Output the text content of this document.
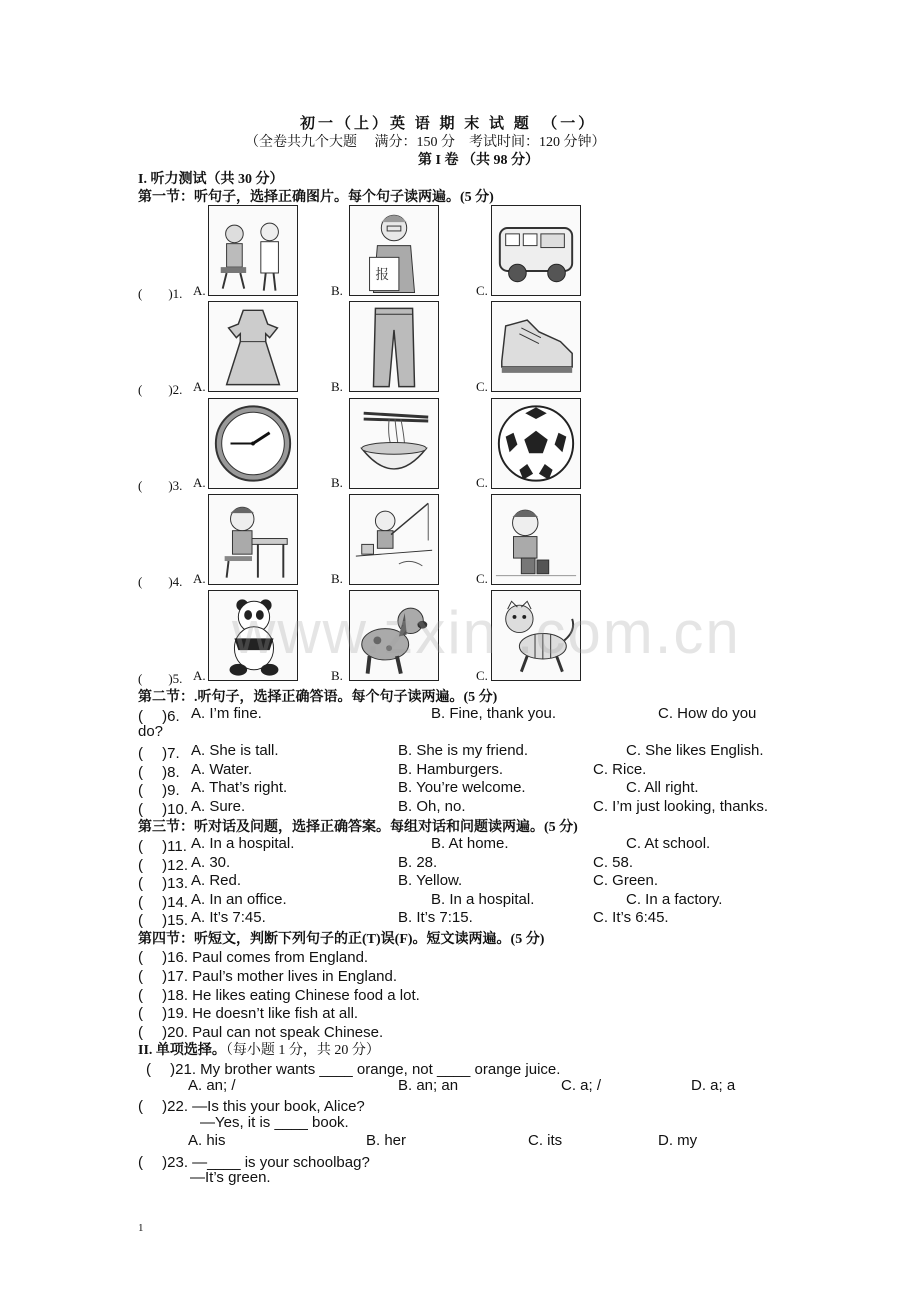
初一（上）英 语 期 末 试 题　（一）
（全卷共九个大题　 满分：150 分　考试时间：120 分钟）
第 I 卷 （共 98 分）
I. 听力测试（共 30 分）
第一节：听句子，选择正确图片。每个句子读两遍。(5 分)
(　　)1. A.	B.	C.
报
(　　)2. A.	B.	C.
(　　)3. A.	B.	C.
(　　)4. A.	B.	C.
(　　)5. A.	B.	C.
www.zxin .com.cn
第二节：.听句子，选择正确答语。每个句子读两遍。(5 分)
(　 )6. A. I’m fine.	B. Fine, thank you.	C. How do you
do?
(　 )7. A. She is tall.	B. She is my friend.	C. She likes English.
(　 )8. A. Water.	B. Hamburgers.	C. Rice.
(　 )9. A. That’s right.	B. You’re welcome.	C. All right.
(　 )10. A. Sure.	B. Oh, no.	C. I’m just looking, thanks.
第三节：听对话及问题，选择正确答案。每组对话和问题读两遍。(5 分)
(　 )11. A. In a hospital.	B. At home.	C. At school.
(　 )12. A. 30.	B. 28.	C. 58.
(　 )13. A. Red.	B. Yellow.	C. Green.
(　 )14. A. In an office.	B. In a hospital.	C. In a factory.
(　 )15. A. It’s 7:45.	B. It’s 7:15.	C. It’s 6:45.
第四节：听短文，判断下列句子的正(T)误(F)。短文读两遍。(5 分)
(　 )16. Paul comes from England.
(　 )17. Paul’s mother lives in England.
(　 )18. He likes eating Chinese food a lot.
(　 )19. He doesn’t like fish at all.
(　 )20. Paul can not speak Chinese.
II. 单项选择。（每小题 1 分，共 20 分）
(　 )21. My brother wants ____ orange, not ____ orange juice.
A. an; /	B. an; an	C. a; /	D. a; a
(　 )22. —Is this your book, Alice?
—Yes, it is ____ book.
A. his	B. her	C. its	D. my
(　 )23. —____ is your schoolbag?
—It’s green.
1
